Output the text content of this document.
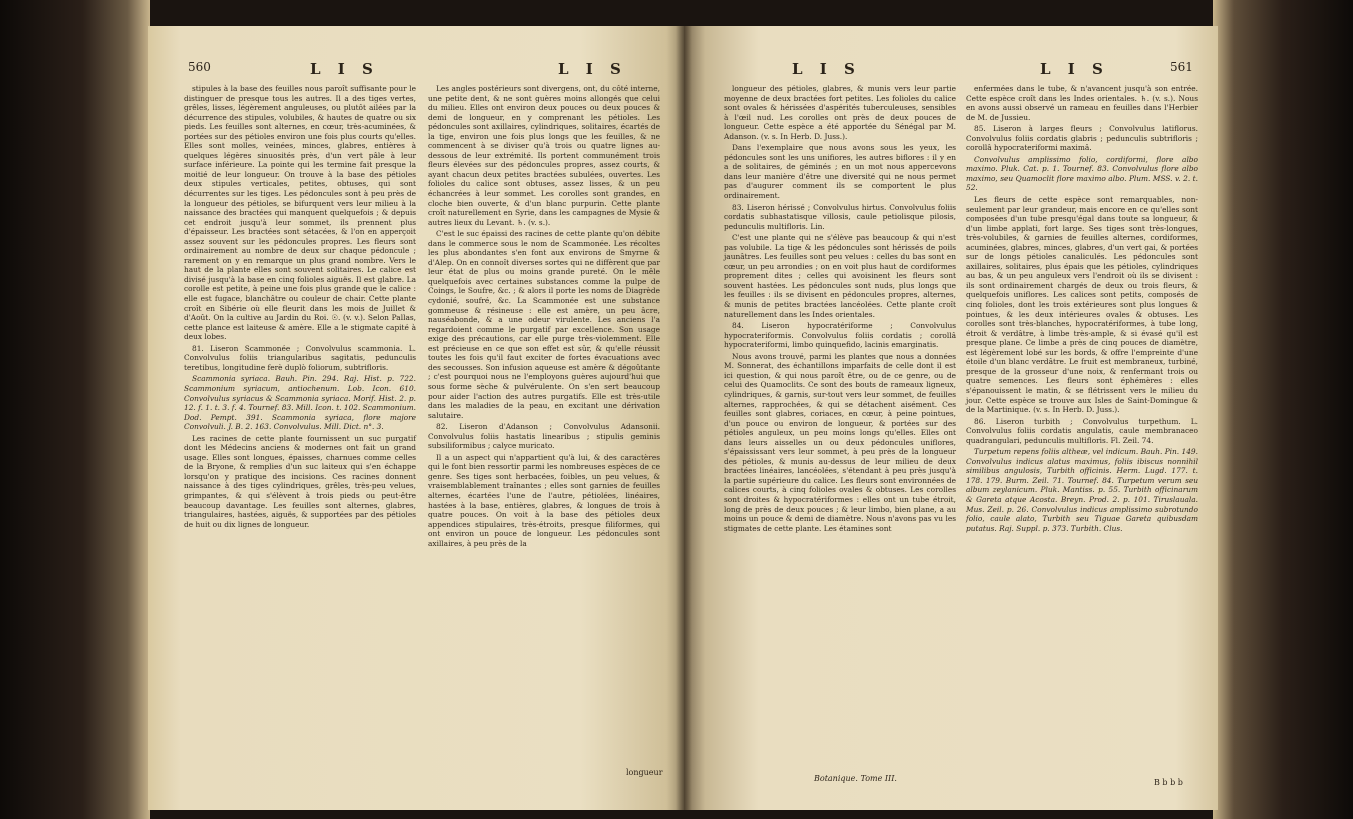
560	L I S	L I S

stipules à la base des feuilles nous paroît suffisante pour le distinguer de presque tous les autres. Il a des tiges vertes, grêles, lisses, légèrement anguleuses, ou plutôt ailées par la décurrence des stipules, volubiles, & hautes de quatre ou six pieds. Les feuilles sont alternes, en cœur, très-acuminées, & portées sur des pétioles environ une fois plus courts qu'elles. Elles sont molles, veinées, minces, glabres, entières à quelques légères sinuosités près, d'un vert pâle à leur surface inférieure. La pointe qui les termine fait presque la moitié de leur longueur. On trouve à la base des pétioles deux stipules verticales, petites, obtuses, qui sont décurrentes sur les tiges. Les pédoncules sont à peu près de la longueur des pétioles, se bifurquent vers leur milieu à la naissance des bractées qui manquent quelquefois ; & depuis cet endroit jusqu'à leur sommet, ils prennent plus d'épaisseur. Les bractées sont sétacées, & l'on en apperçoit assez souvent sur les pédoncules propres. Les fleurs sont ordinairement au nombre de deux sur chaque pédoncule ; rarement on y en remarque un plus grand nombre. Vers le haut de la plante elles sont souvent solitaires. Le calice est divisé jusqu'à la base en cinq folioles aiguës. Il est glabre. La corolle est petite, à peine une fois plus grande que le calice : elle est fugace, blanchâtre ou couleur de chair. Cette plante croît en Sibérie où elle fleurit dans les mois de Juillet & d'Août. On la cultive au Jardin du Roi. ☉. (v. v.). Selon Pallas, cette plance est laiteuse & amère. Elle a le stigmate capité à deux lobes.

81. Liseron Scammonée ; Convolvulus scammonia. L. Convolvulus foliis triangularibus sagitatis, pedunculis teretibus, longitudine ferè duplò foliorum, subtrifloris.

Scammonia syriaca. Bauh. Pin. 294. Raj. Hist. p. 722. Scammonium syriacum, antiochenum. Lob. Icon. 610. Convolvulus syriacus & Scammonia syriaca. Morif. Hist. 2. p. 12. f. 1. t. 3. f. 4. Tournef. 83. Mill. Icon. t. 102. Scammonium. Dod. Pempt. 391. Scammonia syriaca, flore majore Convolvuli. J. B. 2. 163. Convolvulus. Mill. Dict. n°. 3.

Les racines de cette plante fournissent un suc purgatif dont les Médecins anciens & modernes ont fait un grand usage. Elles sont longues, épaisses, charnues comme celles de la Bryone, & remplies d'un suc laiteux qui s'en échappe lorsqu'on y pratique des incisions. Ces racines donnent naissance à des tiges cylindriques, grêles, très-peu velues, grimpantes, & qui s'élèvent à trois pieds ou peut-être beaucoup davantage. Les feuilles sont alternes, glabres, triangulaires, hastées, aiguës, & supportées par des pétioles de huit ou dix lignes de longueur.

Les angles postérieurs sont divergens, ont, du côté interne, une petite dent, & ne sont guères moins allongés que celui du milieu. Elles ont environ deux pouces ou deux pouces & demi de longueur, en y comprenant les pétioles. Les pédoncules sont axillaires, cylindriques, solitaires, écartés de la tige, environ une fois plus longs que les feuilles, & ne commencent à se diviser qu'à trois ou quatre lignes au-dessous de leur extrémité. Ils portent communément trois fleurs élevées sur des pédoncules propres, assez courts, & ayant chacun deux petites bractées subulées, ouvertes. Les folioles du calice sont obtuses, assez lisses, & un peu échancrées à leur sommet. Les corolles sont grandes, en cloche bien ouverte, & d'un blanc purpurin. Cette plante croît naturellement en Syrie, dans les campagnes de Mysie & autres lieux du Levant. ♄. (v. s.).

C'est le suc épaissi des racines de cette plante qu'on débite dans le commerce sous le nom de Scammonée. Les récoltes les plus abondantes s'en font aux environs de Smyrne & d'Alep. On en connoît diverses sortes qui ne diffèrent que par leur état de plus ou moins grande pureté. On le mêle quelquefois avec certaines substances comme la pulpe de Coings, le Soufre, &c. ; & alors il porte les noms de Diagrède cydonié, soufré, &c. La Scammonée est une substance gommeuse & résineuse : elle est amère, un peu âcre, nauséabonde, & a une odeur virulente. Les anciens l'a regardoient comme le purgatif par excellence. Son usage exige des précautions, car elle purge très-violemment. Elle est précieuse en ce que son effet est sûr, & qu'elle réussit toutes les fois qu'il faut exciter de fortes évacuations avec des secousses. Son infusion aqueuse est amère & dégoûtante ; c'est pourquoi nous ne l'employons guères aujourd'hui que sous forme sèche & pulvérulente. On s'en sert beaucoup pour aider l'action des autres purgatifs. Elle est très-utile dans les maladies de la peau, en excitant une dérivation salutaire.

82. Liseron d'Adanson ; Convolvulus Adansonii. Convolvulus foliis hastatis linearibus ; stipulis geminis subsiliformibus ; calyce muricato.

Il a un aspect qui n'appartient qu'à lui, & des caractères qui le font bien ressortir parmi les nombreuses espèces de ce genre. Ses tiges sont herbacées, foibles, un peu velues, & vraisemblablement traînantes ; elles sont garnies de feuilles alternes, écartées l'une de l'autre, pétiolées, linéaires, hastées à la base, entières, glabres, & longues de trois à quatre pouces. On voit à la base des pétioles deux appendices stipulaires, très-étroits, presque filiformes, qui ont environ un pouce de longueur. Les pédoncules sont axillaires, à peu près de la

longueur
L I S	L I S	561

longueur des pétioles, glabres, & munis vers leur partie moyenne de deux bractées fort petites. Les folioles du calice sont ovales & hérissées d'aspérités tuberculeuses, sensibles à l'œil nud. Les corolles ont près de deux pouces de longueur. Cette espèce a été apportée du Sénégal par M. Adanson. (v. s. In Herb. D. Juss.).

Dans l'exemplaire que nous avons sous les yeux, les pédoncules sont les uns unifiores, les autres biflores : il y en a de solitaires, de géminés ; en un mot nous appercevons dans leur manière d'être une diversité qui ne nous permet pas d'augurer comment ils se comportent le plus ordinairement.

83. Liseron hérissé ; Convolvulus hirtus. Convolvulus foliis cordatis subhastatisque villosis, caule petiolisque pilosis, pedunculis multifloris. Lin.

C'est une plante qui ne s'élève pas beaucoup & qui n'est pas volubile. La tige & les pédoncules sont hérissés de poils jaunâtres. Les feuilles sont peu velues : celles du bas sont en cœur, un peu arrondies ; on en voit plus haut de cordiformes proprement dites ; celles qui avoisinent les fleurs sont souvent hastées. Les pédoncules sont nuds, plus longs que les feuilles : ils se divisent en pédoncules propres, alternes, & munis de petites bractées lancéolées. Cette plante croît naturellement dans les Indes orientales.

84. Liseron hypocratériforme ; Convolvulus hypocrateriformis. Convolvulus foliis cordatis ; corollâ hypocrateriformi, limbo quinquefido, lacinis emarginatis.

Nous avons trouvé, parmi les plantes que nous a données M. Sonnerat, des échantillons imparfaits de celle dont il est ici question, & qui nous paroît être, ou de ce genre, ou de celui des Quamoclits. Ce sont des bouts de rameaux ligneux, cylindriques, & garnis, sur-tout vers leur sommet, de feuilles alternes, rapprochées, & qui se détachent aisément. Ces feuilles sont glabres, coriaces, en cœur, à peine pointues, d'un pouce ou environ de longueur, & portées sur des pétioles anguleux, un peu moins longs qu'elles. Elles ont dans leurs aisselles un ou deux pédoncules uniflores, s'épaississant vers leur sommet, à peu près de la longueur des pétioles, & munis au-dessus de leur milieu de deux bractées linéaires, lancéolées, s'étendant à peu près jusqu'à la partie supérieure du calice. Les fleurs sont environnées de calices courts, à cinq folioles ovales & obtuses. Les corolles sont droites & hypocratériformes : elles ont un tube étroit, long de près de deux pouces ; & leur limbo, bien plane, a au moins un pouce & demi de diamètre. Nous n'avons pas vu les stigmates de cette plante. Les étamines sont

Botanique. Tome III.

enfermées dans le tube, & n'avancent jusqu'à son entrée. Cette espèce croît dans les Indes orientales. ♄. (v. s.). Nous en avons aussi observé un rameau en feuilles dans l'Herbier de M. de Jussieu.

85. Liseron à larges fleurs ; Convolvulus latiflorus. Convolvulus foliis cordatis glabris ; pedunculis subtrifloris ; corollâ hypocrateriformi maximâ.

Convolvulus amplissimo folio, cordiformi, flore albo maximo. Pluk. Cat. p. 1. Tournef. 83. Convolvulus flore albo maximo, seu Quamoclit flore maximo albo. Plum. MSS. v. 2. t. 52.

Les fleurs de cette espèce sont remarquables, non-seulement par leur grandeur, mais encore en ce qu'elles sont composées d'un tube presqu'égal dans toute sa longueur, & d'un limbe applati, fort large. Ses tiges sont très-longues, très-volubiles, & garnies de feuilles alternes, cordiformes, acuminées, glabres, minces, glabres, d'un vert gai, & portées sur de longs pétioles canaliculés. Les pédoncules sont axillaires, solitaires, plus épais que les pétioles, cylindriques au bas, & un peu anguleux vers l'endroit où ils se divisent : ils sont ordinairement chargés de deux ou trois fleurs, & quelquefois uniflores. Les calices sont petits, composés de cinq folioles, dont les trois extérieures sont plus longues & pointues, & les deux intérieures ovales & obtuses. Les corolles sont très-blanches, hypocratériformes, à tube long, étroit & verdâtre, à limbe très-ample, & si évasé qu'il est presque plane. Ce limbe a près de cinq pouces de diamètre, est légèrement lobé sur les bords, & offre l'empreinte d'une étoile d'un blanc verdâtre. Le fruit est membraneux, turbiné, presque de la grosseur d'une noix, & renfermant trois ou quatre semences. Les fleurs sont éphémères : elles s'épanouissent le matin, & se flétrissent vers le milieu du jour. Cette espèce se trouve aux Isles de Saint-Domingue & de la Martinique. (v. s. In Herb. D. Juss.).

86. Liseron turbith ; Convolvulus turpethum. L. Convolvulus foliis cordatis angulatis, caule membranaceo quadrangulari, pedunculis multifloris. Fl. Zeil. 74.

Turpetum repens foliis altheæ, vel indicum. Bauh. Pin. 149. Convolvulus indicus alatus maximus, foliis ibiscus nonnihil similibus angulosis, Turbith officinis. Herm. Lugd. 177. t. 178. 179. Burm. Zeil. 71. Tournef. 84. Turpetum verum seu album zeylanicum. Pluk. Mantiss. p. 55. Turbith officinarum & Gareta atque Acosta. Breyn. Prod. 2. p. 101. Tiruslauala. Mus. Zeil. p. 26. Convolvulus indicus amplissimo subrotundo folio, caule alato, Turbith seu Tiguae Gareta quibusdam putatus. Raj. Suppl. p. 373. Turbith. Clus.

B b b b
